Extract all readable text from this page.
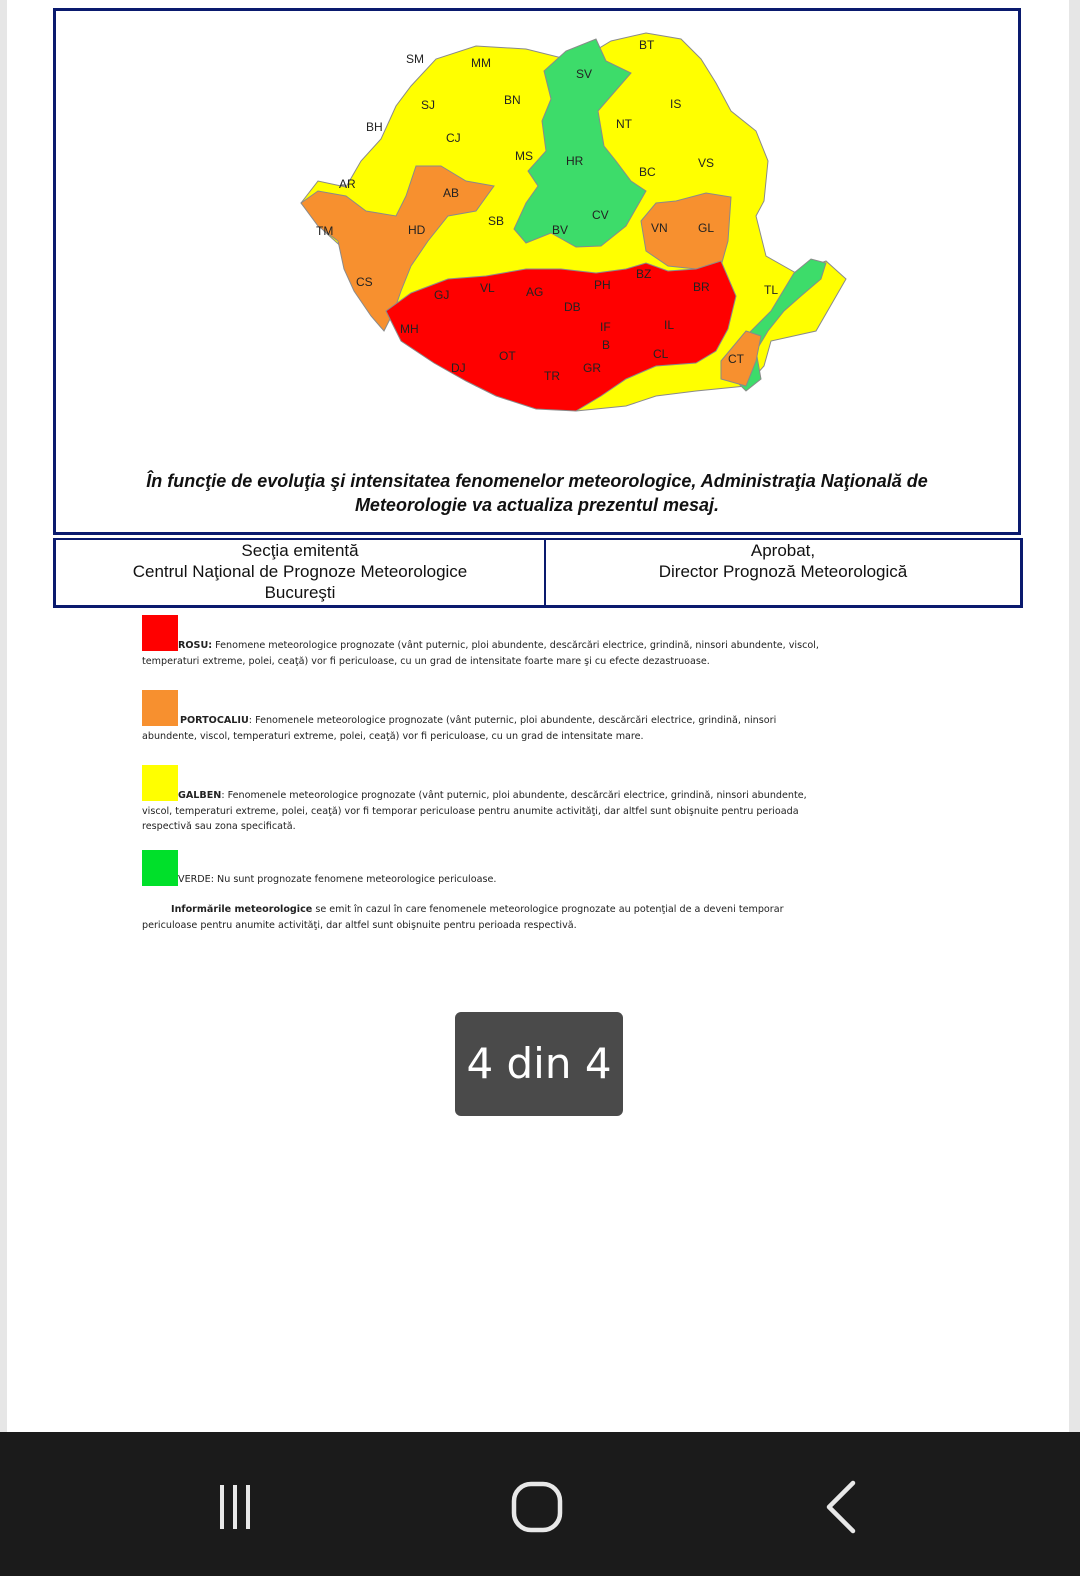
SM	MM
BT
SV
SJ	BN	IS
BH
CJ
NT
MS	HR
BC
VS
AR
AB
TM	HD
SB
BV
CV
VN	GL
CS
GJ	VL	AG	PH
BZ
BR	TL
DB
MH	IF
B
IL
OT	CL	CT
DJ
TR
GR
În funcţie de evoluţia şi intensitatea fenomenelor meteorologice, Administraţia Naţională de
Meteorologie va actualiza prezentul mesaj.
Secţia emitentă
Centrul Naţional de Prognoze Meteorologice
Bucureşti
Aprobat,
Director Prognoză Meteorologică
ROSU: Fenomene meteorologice prognozate (vânt puternic, ploi abundente, descărcări electrice, grindină, ninsori abundente, viscol, temperaturi extreme, polei, ceaţă) vor fi periculoase, cu un grad de intensitate foarte mare şi cu efecte dezastruoase.
PORTOCALIU: Fenomenele meteorologice prognozate (vânt puternic, ploi abundente, descărcări electrice, grindină, ninsori abundente, viscol, temperaturi extreme, polei, ceaţă) vor fi periculoase, cu un grad de intensitate mare.
GALBEN: Fenomenele meteorologice prognozate (vânt puternic, ploi abundente, descărcări electrice, grindină, ninsori abundente, viscol, temperaturi extreme, polei, ceaţă) vor fi temporar periculoase pentru anumite activităţi, dar altfel sunt obişnuite pentru perioada respectivă sau zona specificată.
VERDE: Nu sunt prognozate fenomene meteorologice periculoase.
Informările meteorologice se emit în cazul în care fenomenele meteorologice prognozate au potenţial de a deveni temporar periculoase pentru anumite activităţi, dar altfel sunt obişnuite pentru perioada respectivă.
4 din 4
